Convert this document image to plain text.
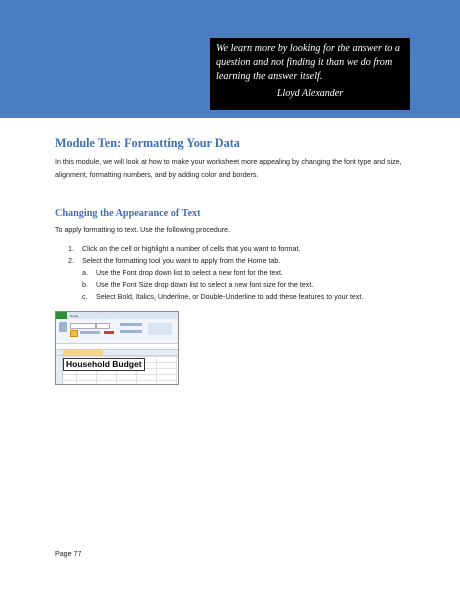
We learn more by looking for the answer to a question and not finding it than we do from learning the answer itself.

Lloyd Alexander
Module Ten: Formatting Your Data

In this module, we will look at how to make your worksheet more appealing by changing the font type and size, alignment, formatting numbers, and by adding color and borders.

Changing the Appearance of Text

To apply formatting to text. Use the following procedure.

1. Click on the cell or highlight a number of cells that you want to format.
2. Select the formatting tool you want to apply from the Home tab.
a. Use the Font drop down list to select a new font for the text.
b. Use the Font Size drop down list to select a new font size for the text.
c. Select Bold, Italics, Underline, or Double-Underline to add these features to your text.
Home
Household Budget

Page 77
